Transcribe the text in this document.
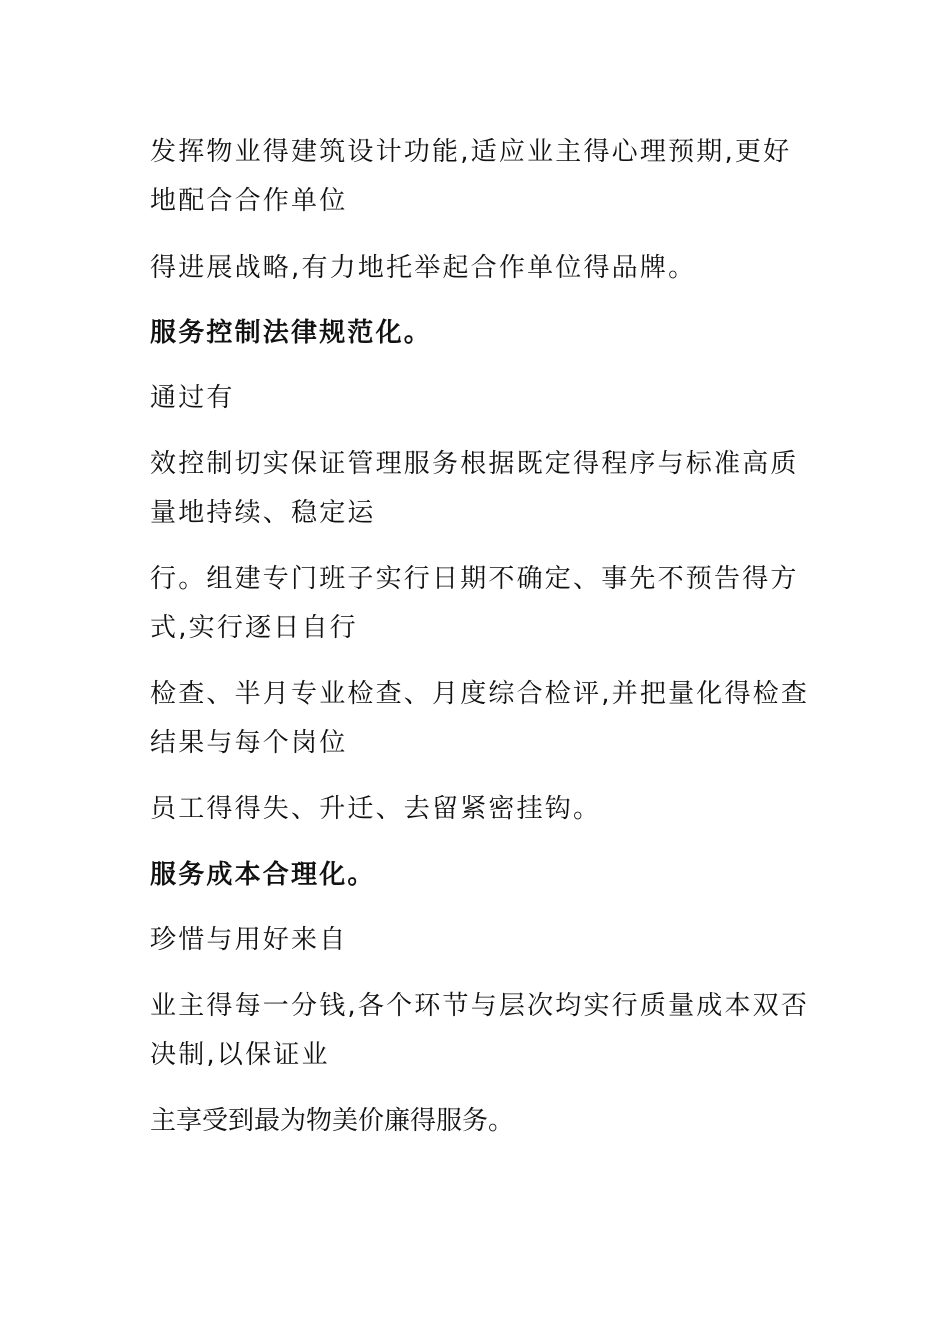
发挥物业得建筑设计功能,适应业主得心理预期,更好地配合合作单位

得进展战略,有力地托举起合作单位得品牌。

服务控制法律规范化。

通过有

效控制切实保证管理服务根据既定得程序与标准高质量地持续、稳定运

行。组建专门班子实行日期不确定、事先不预告得方式,实行逐日自行

检查、半月专业检查、月度综合检评,并把量化得检查结果与每个岗位

员工得得失、升迁、去留紧密挂钩。

服务成本合理化。

珍惜与用好来自

业主得每一分钱,各个环节与层次均实行质量成本双否决制,以保证业

主享受到最为物美价廉得服务。
